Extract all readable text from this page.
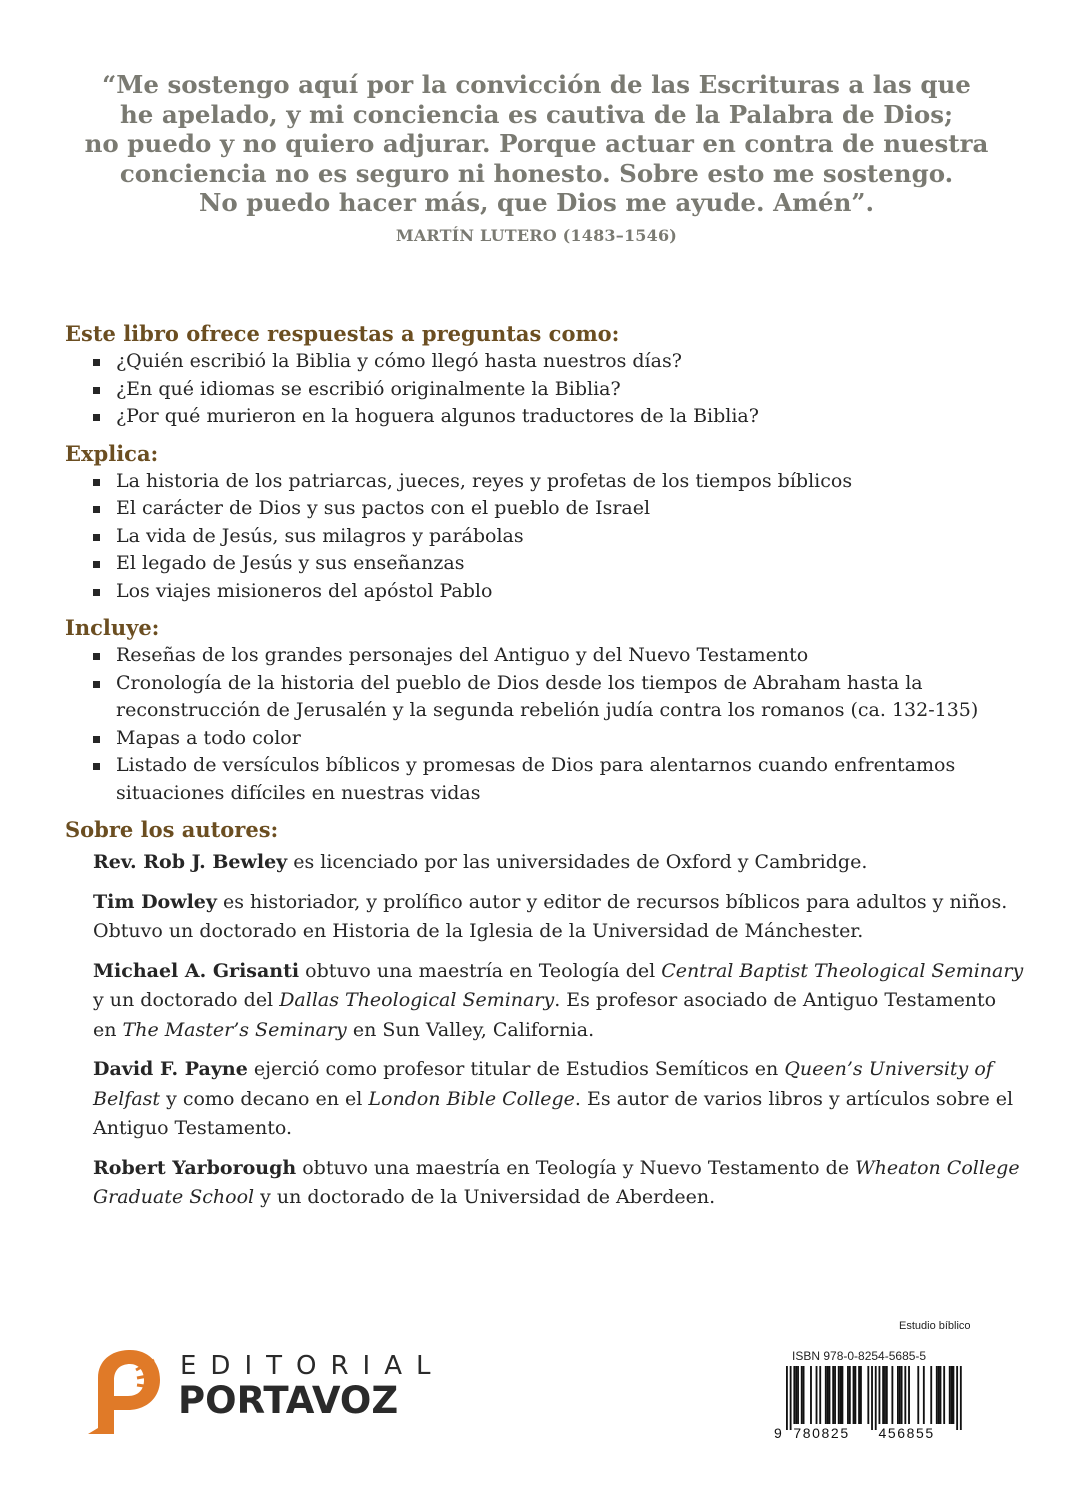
“Me sostengo aquí por la convicción de las Escrituras a las que
he apelado, y mi conciencia es cautiva de la Palabra de Dios;
no puedo y no quiero adjurar. Porque actuar en contra de nuestra
conciencia no es seguro ni honesto. Sobre esto me sostengo.
No puedo hacer más, que Dios me ayude. Amén”.

MARTÍN LUTERO (1483–1546)
Este libro ofrece respuestas a preguntas como:
¿Quién escribió la Biblia y cómo llegó hasta nuestros días?
¿En qué idiomas se escribió originalmente la Biblia?
¿Por qué murieron en la hoguera algunos traductores de la Biblia?
Explica:
La historia de los patriarcas, jueces, reyes y profetas de los tiempos bíblicos
El carácter de Dios y sus pactos con el pueblo de Israel
La vida de Jesús, sus milagros y parábolas
El legado de Jesús y sus enseñanzas
Los viajes misioneros del apóstol Pablo
Incluye:
Reseñas de los grandes personajes del Antiguo y del Nuevo Testamento
Cronología de la historia del pueblo de Dios desde los tiempos de Abraham hasta la reconstrucción de Jerusalén y la segunda rebelión judía contra los romanos (ca. 132-135)
Mapas a todo color
Listado de versículos bíblicos y promesas de Dios para alentarnos cuando enfrentamos situaciones difíciles en nuestras vidas
Sobre los autores:

Rev. Rob J. Bewley es licenciado por las universidades de Oxford y Cambridge.

Tim Dowley es historiador, y prolífico autor y editor de recursos bíblicos para adultos y niños. Obtuvo un doctorado en Historia de la Iglesia de la Universidad de Mánchester.

Michael A. Grisanti obtuvo una maestría en Teología del Central Baptist Theological Seminary y un doctorado del Dallas Theological Seminary. Es profesor asociado de Antiguo Testamento en The Master’s Seminary en Sun Valley, California.

David F. Payne ejerció como profesor titular de Estudios Semíticos en Queen’s University of Belfast y como decano en el London Bible College. Es autor de varios libros y artículos sobre el Antiguo Testamento.

Robert Yarborough obtuvo una maestría en Teología y Nuevo Testamento de Wheaton College Graduate School y un doctorado de la Universidad de Aberdeen.

EDITORIAL
PORTAVOZ
Estudio bíblico
ISBN 978-0-8254-5685-5
9 780825 456855
